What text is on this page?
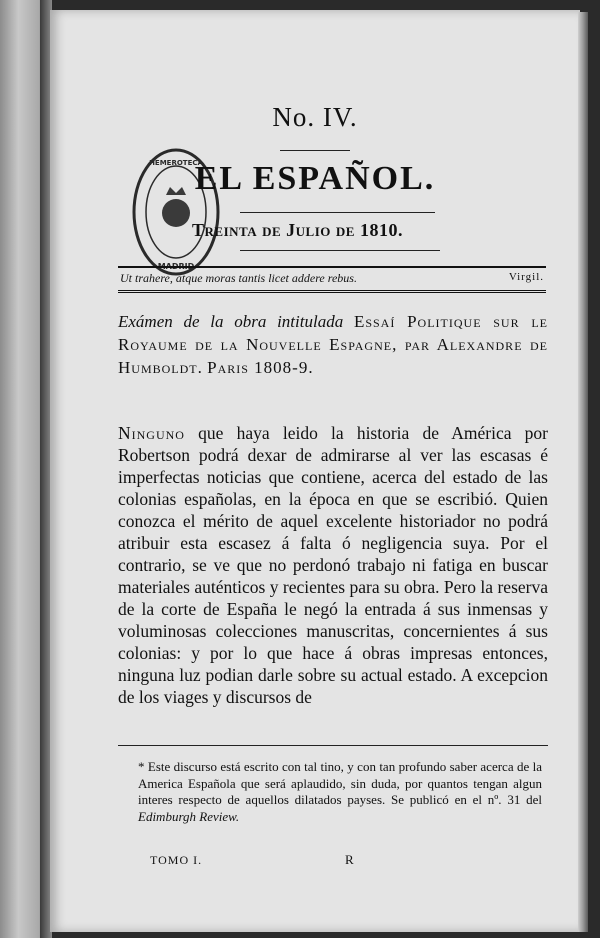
HEMEROTECA
MADRID
No. IV.
EL ESPAÑOL.
Treinta de Julio de 1810.
Ut trahere, atque moras tantis licet addere rebus.	Virgil.
Exámen de la obra intitulada Essaí Politique sur le Royaume de la Nouvelle Espagne, par Alexandre de Humboldt. Paris 1808-9.
Ninguno que haya leido la historia de América por Robertson podrá dexar de admirarse al ver las escasas é imperfectas noticias que contiene, acerca del estado de las colonias españolas, en la época en que se escribió. Quien conozca el mérito de aquel excelente historiador no podrá atribuir esta escasez á falta ó negligencia suya. Por el contrario, se ve que no perdonó trabajo ni fatiga en buscar materiales auténticos y recientes para su obra. Pero la reserva de la corte de España le negó la entrada á sus inmensas y voluminosas colecciones manuscritas, concernientes á sus colonias: y por lo que hace á obras impresas entonces, ninguna luz podian darle sobre su actual estado. A excepcion de los viages y discursos de
* Este discurso está escrito con tal tino, y con tan profundo saber acerca de la America Española que será aplaudido, sin duda, por quantos tengan algun interes respecto de aquellos dilatados payses. Se publicó en el nº. 31 del Edimburgh Review.
TOMO I.	R
